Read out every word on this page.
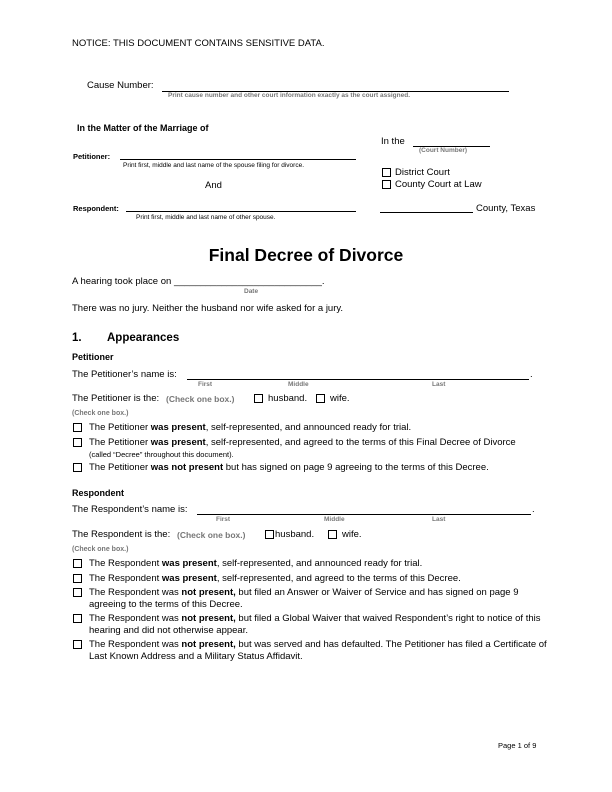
NOTICE: THIS DOCUMENT CONTAINS SENSITIVE DATA.
Cause Number:
Print cause number and other court information exactly as the court assigned.
In the Matter of the Marriage of
In the
(Court Number)
District Court
County Court at Law
County, Texas
Petitioner:
Print first, middle and last name of the spouse filing for divorce.
And
Respondent:
Print first, middle and last name of other spouse.
Final Decree of Divorce
A hearing took place on ____________________________.
Date
There was no jury. Neither the husband nor wife asked for a jury.
1. Appearances
Petitioner
The Petitioner’s name is:	.
First	Middle	Last
The Petitioner is the: (Check one box.)	husband. wife.
(Check one box.)
The Petitioner was present, self-represented, and announced ready for trial.
The Petitioner was present, self-represented, and agreed to the terms of this Final Decree of Divorce
(called “Decree” throughout this document).
The Petitioner was not present but has signed on page 9 agreeing to the terms of this Decree.
Respondent
The Respondent’s name is:	.
First	Middle	Last
The Respondent is the: (Check one box.)	husband.	wife.
(Check one box.)
The Respondent was present, self-represented, and announced ready for trial.
The Respondent was present, self-represented, and agreed to the terms of this Decree.
The Respondent was not present, but filed an Answer or Waiver of Service and has signed on page 9 agreeing to the terms of this Decree.
The Respondent was not present, but filed a Global Waiver that waived Respondent’s right to notice of this hearing and did not otherwise appear.
The Respondent was not present, but was served and has defaulted. The Petitioner has filed a Certificate of Last Known Address and a Military Status Affidavit.
Page 1 of 9
